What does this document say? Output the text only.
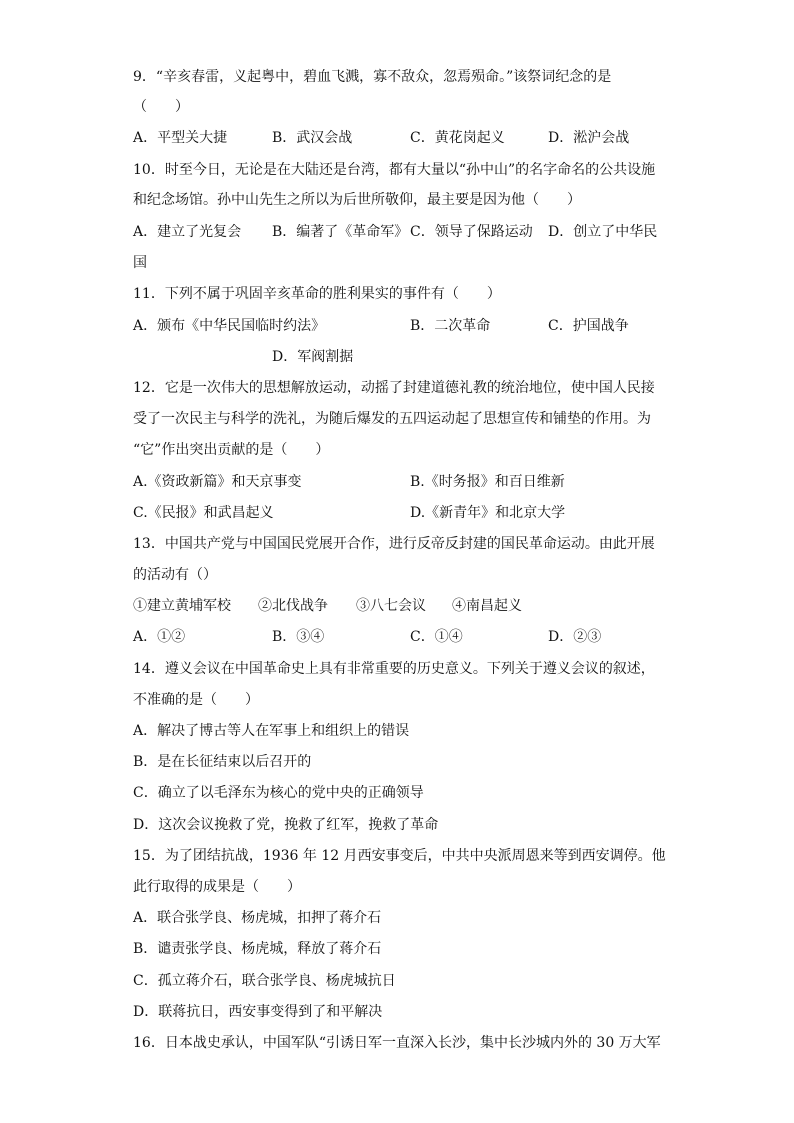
9．“辛亥春雷，义起粤中，碧血飞溅，寡不敌众，忽焉殒命。”该祭词纪念的是
（　　）
A．平型关大捷	B．武汉会战	C．黄花岗起义	D．淞沪会战
10．时至今日，无论是在大陆还是台湾，都有大量以“孙中山”的名字命名的公共设施
和纪念场馆。孙中山先生之所以为后世所敬仰，最主要是因为他（　　）
A．建立了光复会 B．编著了《革命军》 C．领导了保路运动 D．创立了中华民
国
11．下列不属于巩固辛亥革命的胜利果实的事件有（　　）
A．颁布《中华民国临时约法》	B．二次革命	C．护国战争
D．军阀割据
12．它是一次伟大的思想解放运动，动摇了封建道德礼教的统治地位，使中国人民接
受了一次民主与科学的洗礼，为随后爆发的五四运动起了思想宣传和铺垫的作用。为
“它”作出突出贡献的是（　　）
A.《资政新篇》和天京事变	B.《时务报》和百日维新
C.《民报》和武昌起义	D.《新青年》和北京大学
13．中国共产党与中国国民党展开合作，进行反帝反封建的国民革命运动。由此开展
的活动有（）
①建立黄埔军校 ②北伐战争 ③八七会议 ④南昌起义
A．①②	B．③④	C．①④	D．②③
14．遵义会议在中国革命史上具有非常重要的历史意义。下列关于遵义会议的叙述，
不准确的是（　　）
A．解决了博古等人在军事上和组织上的错误
B．是在长征结束以后召开的
C．确立了以毛泽东为核心的党中央的正确领导
D．这次会议挽救了党，挽救了红军，挽救了革命
15．为了团结抗战，1936 年 12 月西安事变后，中共中央派周恩来等到西安调停。他
此行取得的成果是（　　）
A．联合张学良、杨虎城，扣押了蒋介石
B．谴责张学良、杨虎城，释放了蒋介石
C．孤立蒋介石，联合张学良、杨虎城抗日
D．联蒋抗日，西安事变得到了和平解决
16．日本战史承认，中国军队“引诱日军一直深入长沙，集中长沙城内外的 30 万大军
